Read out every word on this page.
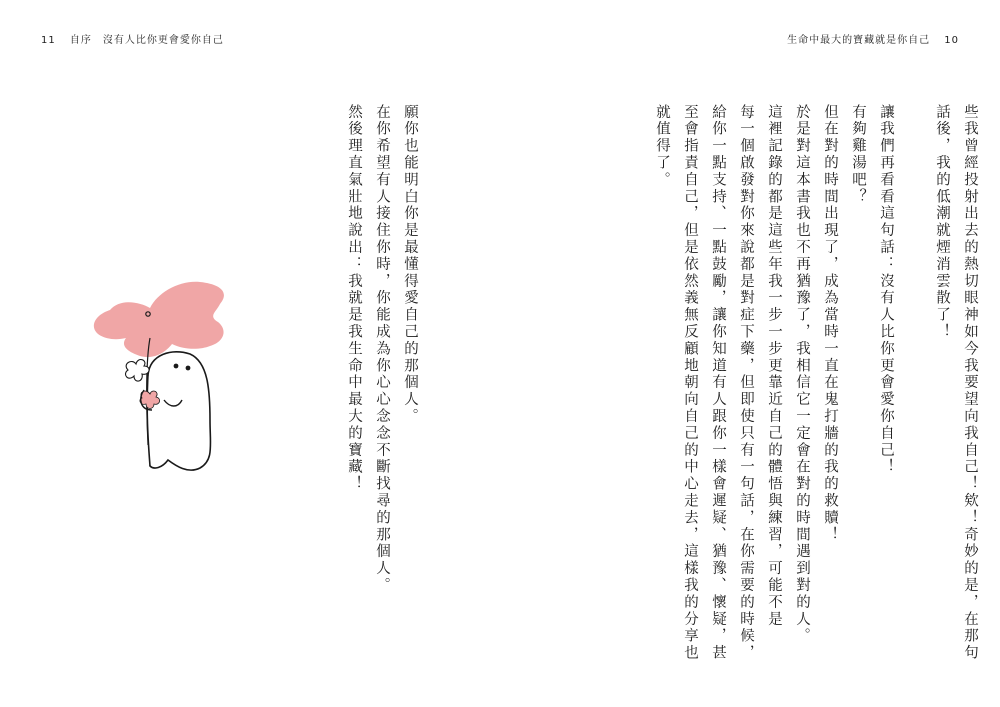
11 自序　沒有人比你更會愛你自己	生命中最大的寶藏就是你自己 10
些我曾經投射出去的熱切眼神如今我要望向我自己！欸！奇妙的是，在那句
話後，我的低潮就煙消雲散了！

讓我們再看看這句話：沒有人比你更會愛你自己！
有夠雞湯吧？
但在對的時間出現了，成為當時一直在鬼打牆的我的救贖！
於是對這本書我也不再猶豫了，我相信它一定會在對的時間遇到對的人。
這裡記錄的都是這些年我一步一步更靠近自己的體悟與練習，可能不是
每一個啟發對你來說都是對症下藥，但即使只有一句話，在你需要的時候，
給你一點支持、一點鼓勵，讓你知道有人跟你一樣會遲疑、猶豫、懷疑，甚
至會指責自己，但是依然義無反顧地朝向自己的中心走去，這樣我的分享也
就值得了。

願你也能明白你是最懂得愛自己的那個人。
在你希望有人接住你時，你能成為你心心念念不斷找尋的那個人。
然後理直氣壯地說出：我就是我生命中最大的寶藏！
